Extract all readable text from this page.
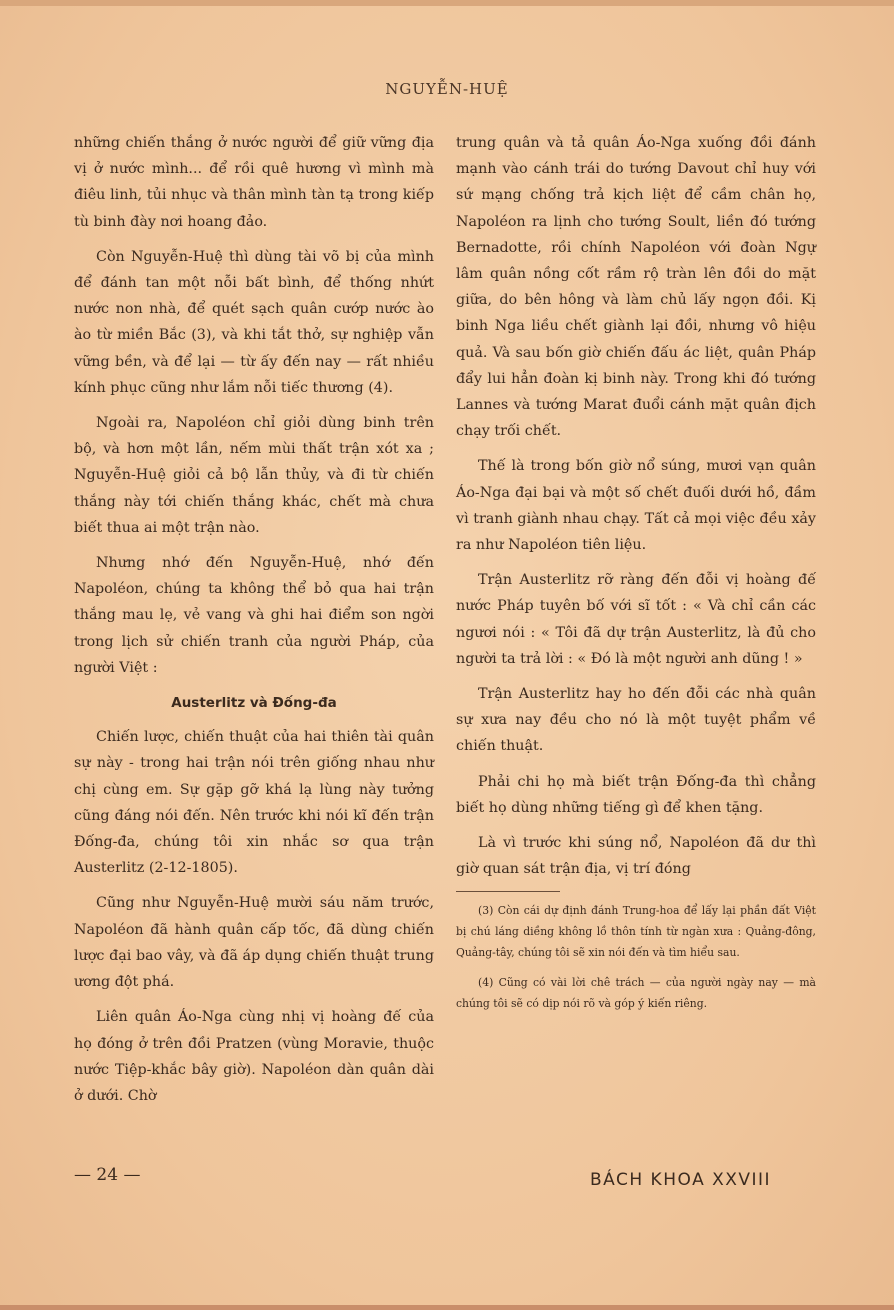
NGUYỄN-HUỆ

những chiến thắng ở nước người để giữ vững địa vị ở nước mình... để rồi quê hương vì mình mà điêu linh, tủi nhục và thân mình tàn tạ trong kiếp tù binh đày nơi hoang đảo.

Còn Nguyễn-Huệ thì dùng tài võ bị của mình để đánh tan một nỗi bất bình, để thống nhứt nước non nhà, để quét sạch quân cướp nước ào ào từ miền Bắc (3), và khi tắt thở, sự nghiệp vẫn vững bền, và để lại — từ ấy đến nay — rất nhiều kính phục cũng như lắm nỗi tiếc thương (4).

Ngoài ra, Napoléon chỉ giỏi dùng binh trên bộ, và hơn một lần, nếm mùi thất trận xót xa ; Nguyễn-Huệ giỏi cả bộ lẫn thủy, và đi từ chiến thắng này tới chiến thắng khác, chết mà chưa biết thua ai một trận nào.

Nhưng nhớ đến Nguyễn-Huệ, nhớ đến Napoléon, chúng ta không thể bỏ qua hai trận thắng mau lẹ, vẻ vang và ghi hai điểm son ngời trong lịch sử chiến tranh của người Pháp, của người Việt :

Austerlitz và Đống-đa

Chiến lược, chiến thuật của hai thiên tài quân sự này - trong hai trận nói trên giống nhau như chị cùng em. Sự gặp gỡ khá lạ lùng này tưởng cũng đáng nói đến. Nên trước khi nói kĩ đến trận Đống-đa, chúng tôi xin nhắc sơ qua trận Austerlitz (2-12-1805).

Cũng như Nguyễn-Huệ mười sáu năm trước, Napoléon đã hành quân cấp tốc, đã dùng chiến lược đại bao vây, và đã áp dụng chiến thuật trung ương đột phá.

Liên quân Áo-Nga cùng nhị vị hoàng đế của họ đóng ở trên đồi Pratzen (vùng Moravie, thuộc nước Tiệp-khắc bây giờ). Napoléon dàn quân dài ở dưới. Chờ

trung quân và tả quân Áo-Nga xuống đồi đánh mạnh vào cánh trái do tướng Davout chỉ huy với sứ mạng chống trả kịch liệt để cầm chân họ, Napoléon ra lịnh cho tướng Soult, liền đó tướng Bernadotte, rồi chính Napoléon với đoàn Ngự lâm quân nồng cốt rầm rộ tràn lên đồi do mặt giữa, do bên hông và làm chủ lấy ngọn đồi. Kị binh Nga liều chết giành lại đồi, nhưng vô hiệu quả. Và sau bốn giờ chiến đấu ác liệt, quân Pháp đẩy lui hẳn đoàn kị binh này. Trong khi đó tướng Lannes và tướng Marat đuổi cánh mặt quân địch chạy trối chết.

Thế là trong bốn giờ nổ súng, mươi vạn quân Áo-Nga đại bại và một số chết đuối dưới hồ, đầm vì tranh giành nhau chạy. Tất cả mọi việc đều xảy ra như Napoléon tiên liệu.

Trận Austerlitz rỡ ràng đến đỗi vị hoàng đế nước Pháp tuyên bố với sĩ tốt : « Và chỉ cần các ngươi nói : « Tôi đã dự trận Austerlitz, là đủ cho người ta trả lời : « Đó là một người anh dũng ! »

Trận Austerlitz hay ho đến đỗi các nhà quân sự xưa nay đều cho nó là một tuyệt phẩm về chiến thuật.

Phải chi họ mà biết trận Đống-đa thì chẳng biết họ dùng những tiếng gì để khen tặng.

Là vì trước khi súng nổ, Napoléon đã dư thì giờ quan sát trận địa, vị trí đóng

(3) Còn cái dự định đánh Trung-hoa để lấy lại phần đất Việt bị chú láng diềng không lồ thôn tính từ ngàn xưa : Quảng-đông, Quảng-tây, chúng tôi sẽ xin nói đến và tìm hiểu sau.

(4) Cũng có vài lời chê trách — của người ngày nay — mà chúng tôi sẽ có dịp nói rõ và góp ý kiến riêng.

— 24 —	BÁCH KHOA XXVIII
